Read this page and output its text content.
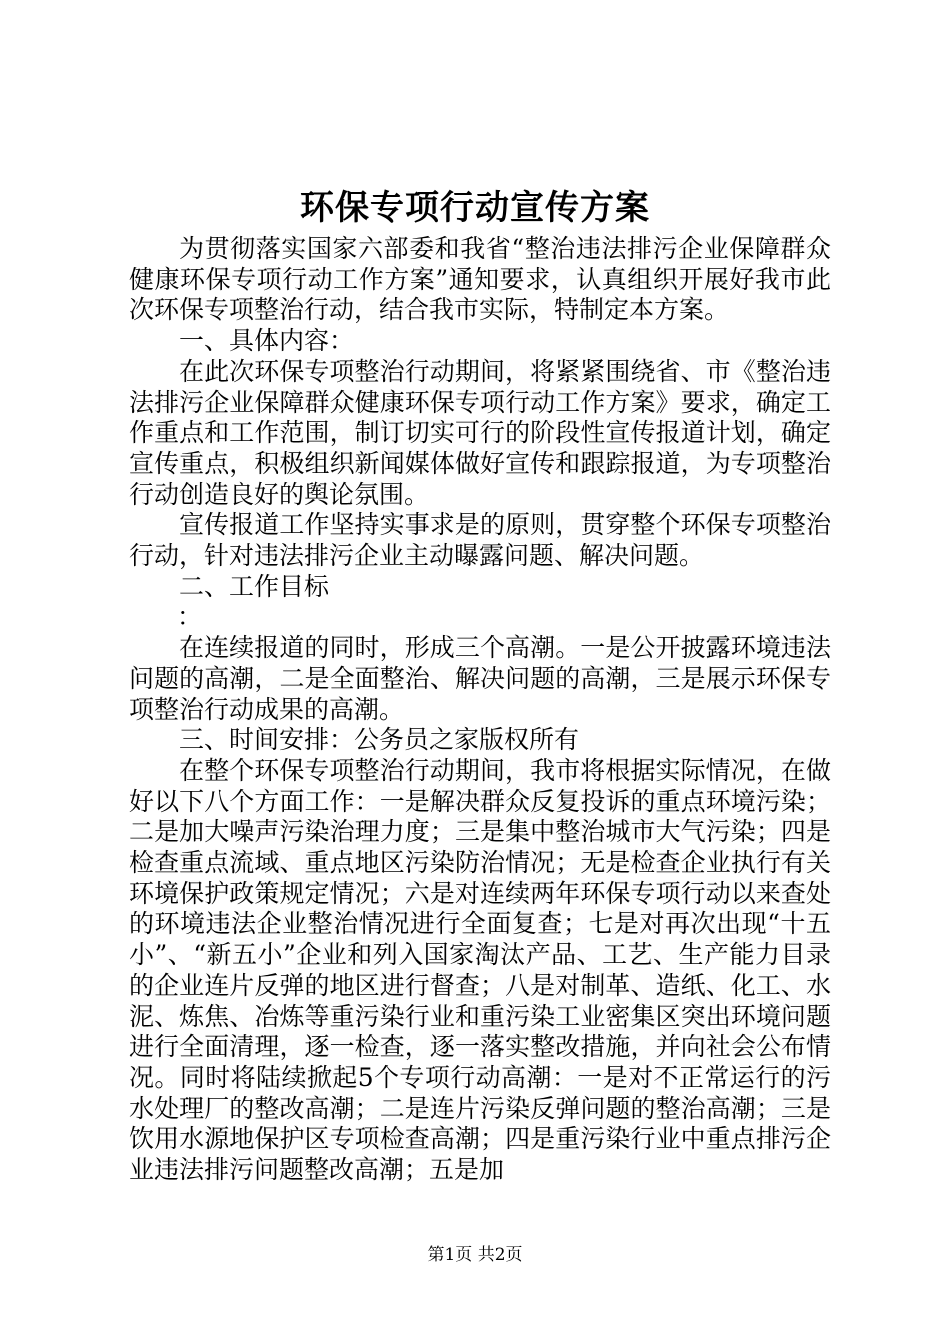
环保专项行动宣传方案

为贯彻落实国家六部委和我省“整治违法排污企业保障群众健康环保专项行动工作方案”通知要求，认真组织开展好我市此次环保专项整治行动，结合我市实际，特制定本方案。

一、具体内容：

在此次环保专项整治行动期间，将紧紧围绕省、市《整治违法排污企业保障群众健康环保专项行动工作方案》要求，确定工作重点和工作范围，制订切实可行的阶段性宣传报道计划，确定宣传重点，积极组织新闻媒体做好宣传和跟踪报道，为专项整治行动创造良好的舆论氛围。

宣传报道工作坚持实事求是的原则，贯穿整个环保专项整治行动，针对违法排污企业主动曝露问题、解决问题。

二、工作目标

：

在连续报道的同时，形成三个高潮。一是公开披露环境违法问题的高潮，二是全面整治、解决问题的高潮，三是展示环保专项整治行动成果的高潮。

三、时间安排：公务员之家版权所有

在整个环保专项整治行动期间，我市将根据实际情况，在做好以下八个方面工作：一是解决群众反复投诉的重点环境污染；二是加大噪声污染治理力度；三是集中整治城市大气污染；四是检查重点流域、重点地区污染防治情况；无是检查企业执行有关环境保护政策规定情况；六是对连续两年环保专项行动以来查处的环境违法企业整治情况进行全面复查；七是对再次出现“十五小”、“新五小”企业和列入国家淘汰产品、工艺、生产能力目录的企业连片反弹的地区进行督查；八是对制革、造纸、化工、水泥、炼焦、冶炼等重污染行业和重污染工业密集区突出环境问题进行全面清理，逐一检查，逐一落实整改措施，并向社会公布情况。同时将陆续掀起5个专项行动高潮：一是对不正常运行的污水处理厂的整改高潮；二是连片污染反弹问题的整治高潮；三是饮用水源地保护区专项检查高潮；四是重污染行业中重点排污企业违法排污问题整改高潮；五是加

第1页 共2页
